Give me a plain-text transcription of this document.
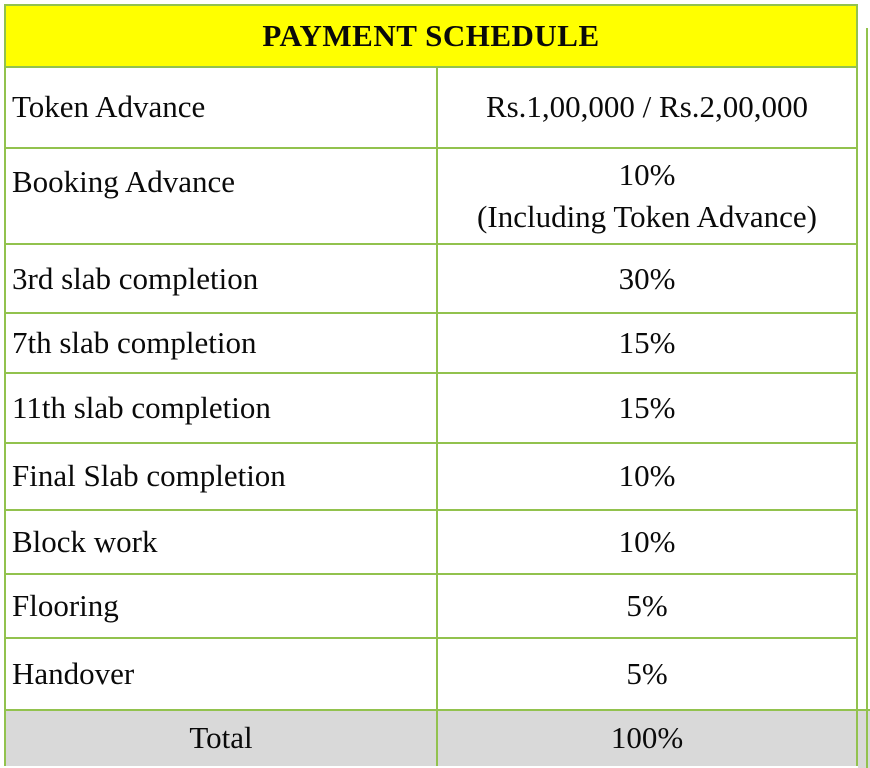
PAYMENT SCHEDULE	
Token Advance	Rs.1,00,000 / Rs.2,00,000
Booking Advance	10%
(Including Token Advance)

3rd slab completion	30%
7th slab completion	15%
11th slab completion	15%
Final Slab completion	10%
Block work	10%
Flooring	5%
Handover	5%
Total	100%
